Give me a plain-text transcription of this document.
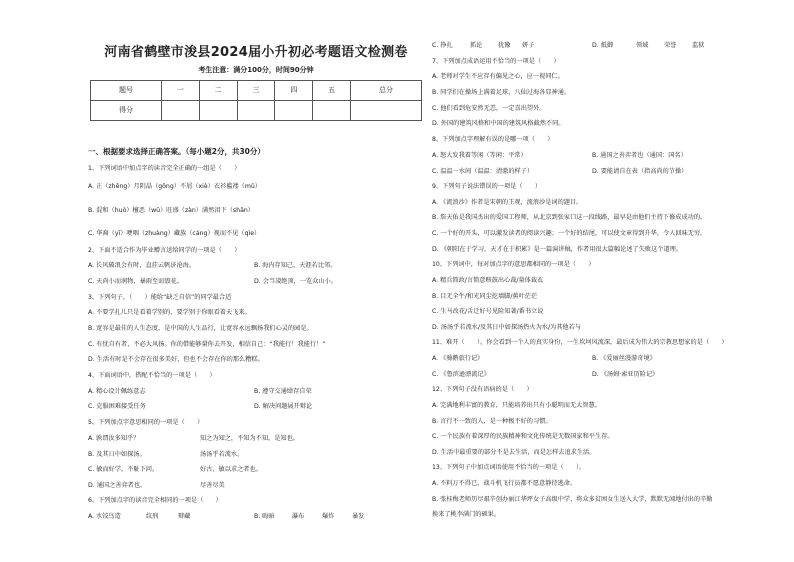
河南省鹤壁市浚县2024届小升初必考题语文检测卷
考生注意：满分100分，时间90分钟
题号	一	二	三	四	五	总分
得分						
一、根据要求选择正确答案。（每小题2分，共30分）
1、下列词语中加点字的读音完全正确的一组是（　　）
A. 正（zhēng）月阴晶（gōng）不屑（xiè）衣衫褴褛（mǔ）
B. 混和（huò）檀恶（wū）旺盛（zàn）满然泪下（shān）
C. 华裔（yī）哽咽（zhuàng）藏族（cáng）视而不见（qìe）
2、下面不适合作为毕业赠言送给同学的一项是（　　）
A. 长风破浪会有时，直挂云帆济沧海。	B. 海内存知己，天涯若比邻。
C. 天尚小而润物，暴雨至而毁花。	D. 会当凌绝顶，一览众山小。
3、下列句子，（　　）能给“缺乏自信”的同学最合适
A. 不要学扎儿只是看着学别的，要学别于你眼看着天飞来。
B. 宽容是最佳的人生态度，是中国的人生品行，让宽容永远飘扬我们心灵的园是。
C. 有忧自有者，不必大风扬。你的借能够量你去开发，相信自己：“我能行！我能行！”
D. 生活有时是不会存在很多美好，但也不会存在你的那么糟糕。
4、下面词语中，搭配不恰当的一项是（　　）
A. 精心设计佩练意志	B. 遵守交通肆存自荣
C. 克服困难接受任务	D. 解决问题展开辩论
5、下列加点字意思相同的一项是（　　）
A. 孰谓汝多知乎？	知之为知之，不知为不知，是知也。
B. 及其日中如探汤。	汤汤乎若流水。
C. 敏而好学，不耻下问。	好古，敏以求之者也。
D. 通国之善弈者也。	尽善尽美
6、下列加点字的读音完全相同的一项是（　　）
A. 水饺鸟造	纹刑	辩藏	B. 晦暗	瀑布	爆炸	暴发
C. 挣扎	抓论	犹豫 妍子	D. 抵御	领域	荣誉	监狱
7、下列加点成语运用不恰当的一项是（　　）
A. 老师对学生不应存有偏见之心，应一视同仁。
B. 同学们在操场上满着足球，八仙过海各显神通。
C. 他们看到危安然无恙，一定喜出望外。
D. 外国的建筑风格和中国的建筑风格截然不同。
8、下列加点字理解有误的是哪一项（　　）
A. 怒大发我着等闲（等闲：平常）	B. 通国之善弈者也（通国：国名）
C. 温温一水间（温温：清澈的样子）	D. 要能请自在表（指高尚的节操）
9、下列句子说法错误的一项是（　　）
A. 《流浪沙》作者是宋朝的王观，流浪沙是词的题目。
B. 詹天佑是我国杰出的爱国工程师，从北京到张家口这一段线路，最早是由他们主持下修成成功的。
C. 一个好的开头，可以激发读者的阅读兴趣；一个好的结尾，可以使文章得到升华，令人回味无穷。
D. 《朝阳在于学习，天才在于积累》是一篇演讲稿，作者用很大篇幅论述了失败这个道理。
10、下列词中，每对加点字的意思都相同的一项是（　　）
A. 精兵简政/言简意赅鼓出心裁/量体裁衣
B. 目无全牛/和光同尘挖墙脚/蕉叶茫茫
C. 生马改花/舌迁好号见险知著/番书立说
D. 汤汤乎若流水/及其日中如探汤热火为水/为其他若与
11、难开（　　）。你会看到一个人的真实身份，一生坎坷风流深，最后成为伟大的宗教思想家的是（　　）
A. 《骑鹅旅行记》	B. 《爱丽丝漫游奇境》
C. 《鲁滨逊漂流记》	D. 《汤姆·索亚历险记》
12、下列句子没有语病的是（　　）
A. 完满地利丰富的教育，只能培养出只有小聪明而无大智慧。
B. 言行不一致的人，是一种极不好的习惯。
C. 一个民族有着深厚的民族精神和文化传统是无数国家和平生存。
D. 生活中最重要的部分不是去生活，而是怎样去追求生活。
13、下列句子中加点词语使用不恰当的一项是（　　）。
A. 不料万不得已，战斗机飞行员都不愿意静待逃命。
B. 张桂梅老师历尽艰辛创办丽江华坪女子高级中学，将众多贫困女生送入大学，默默无闻地付出的辛勤
换来了桃李满门的硕果。
